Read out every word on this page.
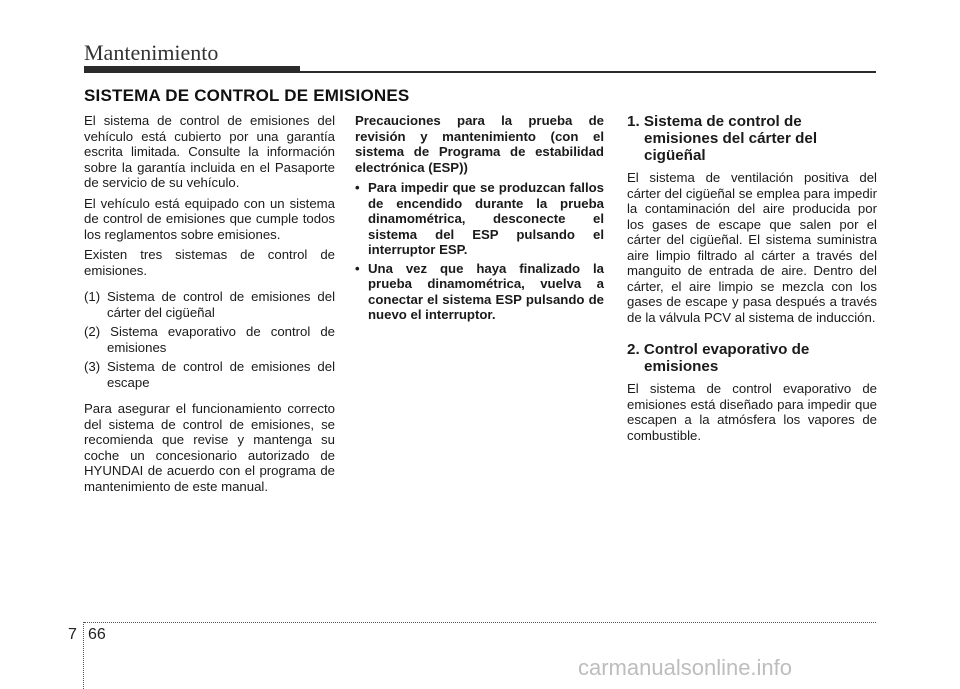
Mantenimiento
SISTEMA DE CONTROL DE EMISIONES

El sistema de control de emisiones del vehículo está cubierto por una garantía escrita limitada. Consulte la información sobre la garantía incluida en el Pasaporte de servicio de su vehículo.

El vehículo está equipado con un sistema de control de emisiones que cumple todos los reglamentos sobre emisiones.

Existen tres sistemas de control de emisiones.

(1) Sistema de control de emisiones del cárter del cigüeñal
(2) Sistema evaporativo de control de emisiones
(3) Sistema de control de emisiones del escape

Para asegurar el funcionamiento correcto del sistema de control de emisiones, se recomienda que revise y mantenga su coche un concesionario autorizado de HYUNDAI de acuerdo con el programa de mantenimiento de este manual.

Precauciones para la prueba de revisión y mantenimiento (con el sistema de Programa de estabilidad electrónica (ESP))

• Para impedir que se produzcan fallos de encendido durante la prueba dinamométrica, desconecte el sistema del ESP pulsando el interruptor ESP.
• Una vez que haya finalizado la prueba dinamométrica, vuelva a conectar el sistema ESP pulsando de nuevo el interruptor.
1. Sistema de control de emisiones del cárter del cigüeñal

El sistema de ventilación positiva del cárter del cigüeñal se emplea para impedir la contaminación del aire producida por los gases de escape que salen por el cárter del cigüeñal. El sistema suministra aire limpio filtrado al cárter a través del manguito de entrada de aire. Dentro del cárter, el aire limpio se mezcla con los gases de escape y pasa después a través de la válvula PCV al sistema de inducción.

2. Control evaporativo de emisiones

El sistema de control evaporativo de emisiones está diseñado para impedir que escapen a la atmósfera los vapores de combustible.

7 66
carmanualsonline.info
